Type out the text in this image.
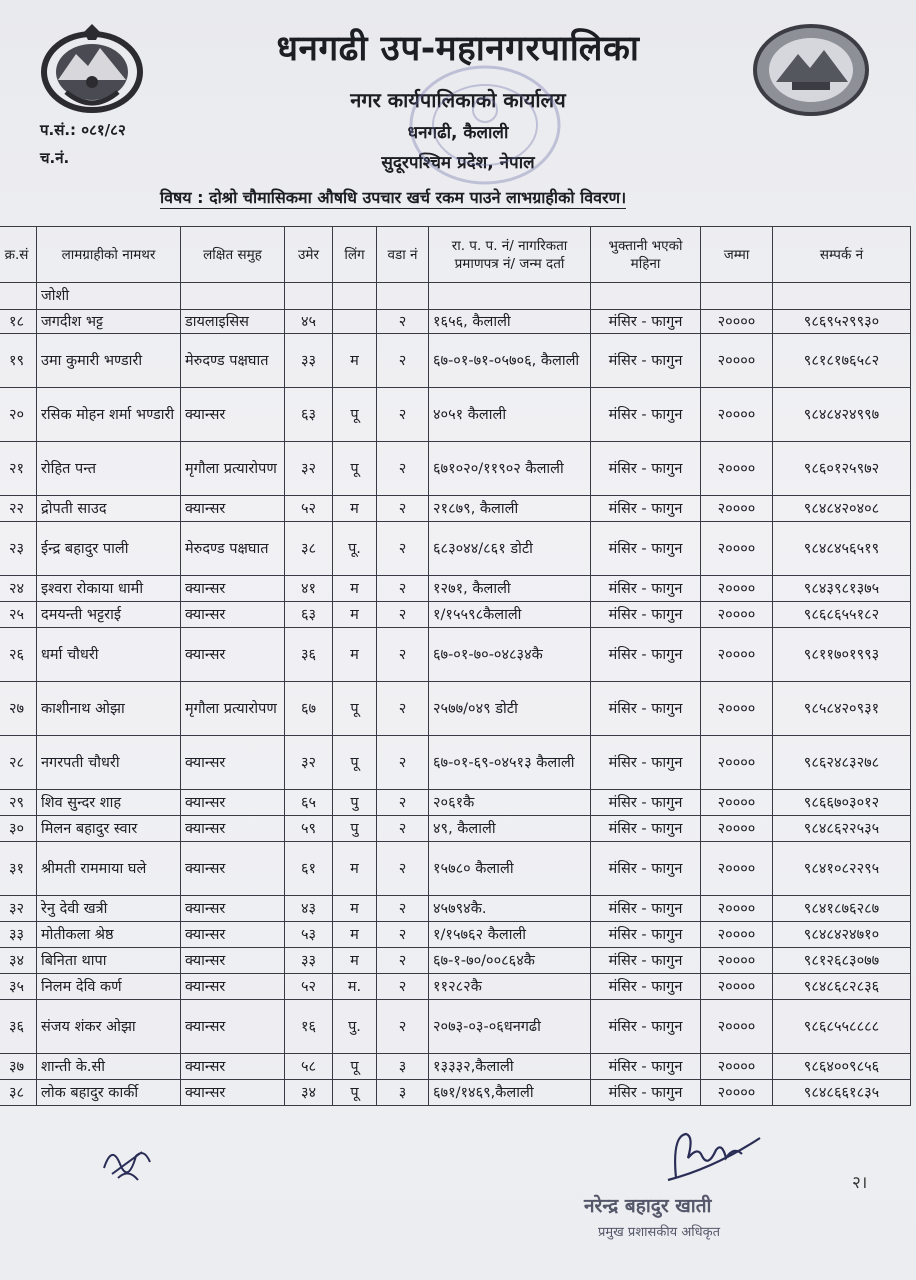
धनगढी उप-महानगरपालिका
नगर कार्यपालिकाको कार्यालय
धनगढी, कैलाली
सुदूरपश्चिम प्रदेश, नेपाल
प.सं.: ०८१/८२
च.नं.
विषय : दोश्रो चौमासिकमा औषधि उपचार खर्च रकम पाउने लाभग्राहीको विवरण।
क्र.सं	लामग्राहीको नामथर	लक्षित समुह	उमेर	लिंग	वडा नं	रा. प. प. नं/ नागरिकता प्रमाणपत्र नं/ जन्म दर्ता	भुक्तानी भएको महिना	जम्मा	सम्पर्क नं
	जोशी								
१८	जगदीश भट्ट	डायलाइसिस	४५		२	१६५६, कैलाली	मंसिर - फागुन	२००००	९८६९५२९९३०
१९	उमा कुमारी भण्डारी	मेरुदण्ड पक्षघात	३३	म	२	६७-०१-७१-०५७०६, कैलाली	मंसिर - फागुन	२००००	९८१८१७६५८२
२०	रसिक मोहन शर्मा भण्डारी	क्यान्सर	६३	पू	२	४०५१ कैलाली	मंसिर - फागुन	२००००	९८४८४२४९९७
२१	रोहित पन्त	मृगौला प्रत्यारोपण	३२	पू	२	६७१०२०/११९०२ कैलाली	मंसिर - फागुन	२००००	९८६०१२५९७२
२२	द्रोपती साउद	क्यान्सर	५२	म	२	२१८७९, कैलाली	मंसिर - फागुन	२००००	९८४८४२०४०८
२३	ईन्द्र बहादुर पाली	मेरुदण्ड पक्षघात	३८	पू.	२	६८३०४४/८६१ डोटी	मंसिर - फागुन	२००००	९८४८४५६५१९
२४	इश्वरा रोकाया धामी	क्यान्सर	४१	म	२	१२७१, कैलाली	मंसिर - फागुन	२००००	९८४३९८१३७५
२५	दमयन्ती भट्टराई	क्यान्सर	६३	म	२	१/१५५९८कैलाली	मंसिर - फागुन	२००००	९८६८६५५१८२
२६	धर्मा चौधरी	क्यान्सर	३६	म	२	६७-०१-७०-०४८३४कै	मंसिर - फागुन	२००००	९८११७०१९९३
२७	काशीनाथ ओझा	मृगौला प्रत्यारोपण	६७	पू	२	२५७७/०४९ डोटी	मंसिर - फागुन	२००००	९८५८४२०९३१
२८	नगरपती चौधरी	क्यान्सर	३२	पू	२	६७-०१-६९-०४५१३ कैलाली	मंसिर - फागुन	२००००	९८६२४८३२७८
२९	शिव सुन्दर शाह	क्यान्सर	६५	पु	२	२०६१कै	मंसिर - फागुन	२००००	९८६६७०३०१२
३०	मिलन बहादुर स्वार	क्यान्सर	५९	पु	२	४९, कैलाली	मंसिर - फागुन	२००००	९८४८६२२५३५
३१	श्रीमती राममाया घले	क्यान्सर	६१	म	२	१५७८० कैलाली	मंसिर - फागुन	२००००	९८४१०८२२९५
३२	रेनु देवी खत्री	क्यान्सर	४३	म	२	४५७९४कै.	मंसिर - फागुन	२००००	९८४१८७६२८७
३३	मोतीकला श्रेष्ठ	क्यान्सर	५३	म	२	१/१५७६२ कैलाली	मंसिर - फागुन	२००००	९८४८४२४७१०
३४	बिनिता थापा	क्यान्सर	३३	म	२	६७-१-७०/००८६४कै	मंसिर - फागुन	२००००	९८१२६८३०७७
३५	निलम देवि कर्ण	क्यान्सर	५२	म.	२	११२८२कै	मंसिर - फागुन	२००००	९८४८६८२८३६
३६	संजय शंकर ओझा	क्यान्सर	१६	पु.	२	२०७३-०३-०६धनगढी	मंसिर - फागुन	२००००	९८६८५५८८८८
३७	शान्ती के.सी	क्यान्सर	५८	पू	३	१३३३२,कैलाली	मंसिर - फागुन	२००००	९८६४००९८५६
३८	लोक बहादुर कार्की	क्यान्सर	३४	पू	३	६७१/१४६९,कैलाली	मंसिर - फागुन	२००००	९८४८६६१८३५
नरेन्द्र बहादुर खाती
प्रमुख प्रशासकीय अधिकृत
२।
